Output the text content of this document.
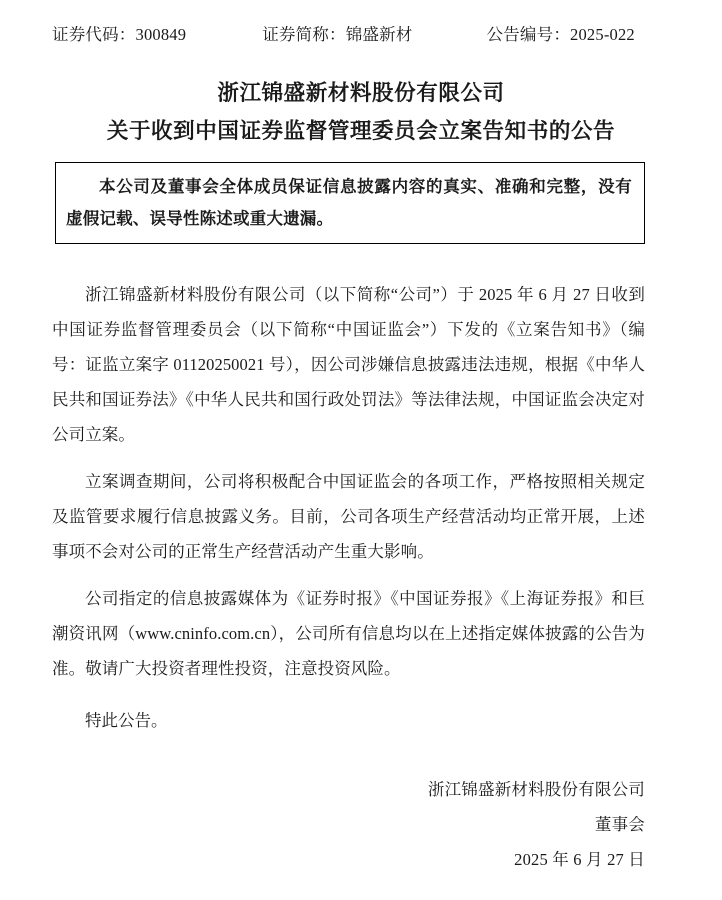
证券代码：300849	证券简称：锦盛新材	公告编号：2025-022
浙江锦盛新材料股份有限公司
关于收到中国证券监督管理委员会立案告知书的公告
本公司及董事会全体成员保证信息披露内容的真实、准确和完整，没有虚假记载、误导性陈述或重大遗漏。

浙江锦盛新材料股份有限公司（以下简称“公司”）于 2025 年 6 月 27 日收到中国证券监督管理委员会（以下简称“中国证监会”）下发的《立案告知书》（编号：证监立案字 01120250021 号），因公司涉嫌信息披露违法违规，根据《中华人民共和国证券法》《中华人民共和国行政处罚法》等法律法规，中国证监会决定对公司立案。

立案调查期间，公司将积极配合中国证监会的各项工作，严格按照相关规定及监管要求履行信息披露义务。目前，公司各项生产经营活动均正常开展，上述事项不会对公司的正常生产经营活动产生重大影响。

公司指定的信息披露媒体为《证券时报》《中国证券报》《上海证券报》和巨潮资讯网（www.cninfo.com.cn），公司所有信息均以在上述指定媒体披露的公告为准。敬请广大投资者理性投资，注意投资风险。

特此公告。
浙江锦盛新材料股份有限公司
董事会
2025 年 6 月 27 日
